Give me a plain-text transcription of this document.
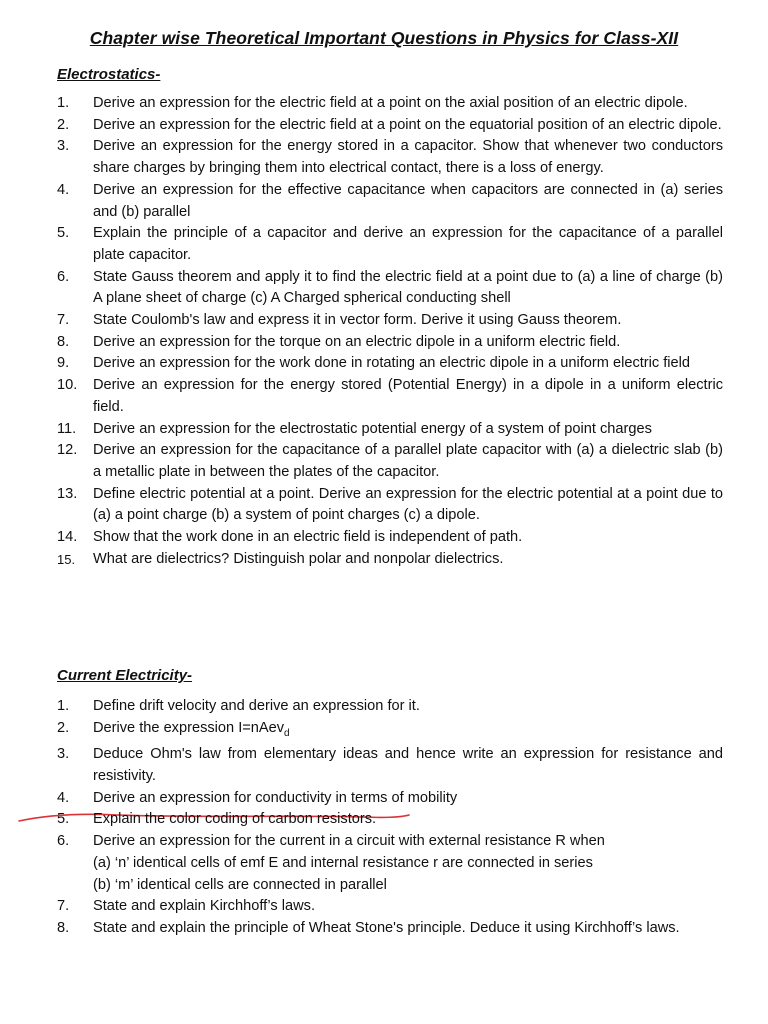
Chapter wise Theoretical Important Questions in Physics for Class-XII
Electrostatics-
1.	Derive an expression for the electric field at a point on the axial position of an electric dipole.
2.	Derive an expression for the electric field at a point on the equatorial position of an electric dipole.
3.	Derive an expression for the energy stored in a capacitor. Show that whenever two conductors share charges by bringing them into electrical contact, there is a loss of energy.
4.	Derive an expression for the effective capacitance when capacitors are connected in (a) series and (b) parallel
5.	Explain the principle of a capacitor and derive an expression for the capacitance of a parallel plate capacitor.
6.	State Gauss theorem and apply it to find the electric field at a point due to (a) a line of charge (b) A plane sheet of charge (c) A Charged spherical conducting shell
7.	State Coulomb's law and express it in vector form. Derive it using Gauss theorem.
8.	Derive an expression for the torque on an electric dipole in a uniform electric field.
9.	Derive an expression for the work done in rotating an electric dipole in a uniform electric field
10.	Derive an expression for the energy stored (Potential Energy) in a dipole in a uniform electric field.
11.	Derive an expression for the electrostatic potential energy of a system of point charges
12.	Derive an expression for the capacitance of a parallel plate capacitor with (a) a dielectric slab (b) a metallic plate in between the plates of the capacitor.
13.	Define electric potential at a point. Derive an expression for the electric potential at a point due to (a) a point charge (b) a system of point charges (c) a dipole.
14.	Show that the work done in an electric field is independent of path.
15.	What are dielectrics? Distinguish polar and nonpolar dielectrics.
Current Electricity-
1.	Define drift velocity and derive an expression for it.
2.	Derive the expression I=nAev$_d$
3.	Deduce Ohm's law from elementary ideas and hence write an expression for resistance and resistivity.
4.	Derive an expression for conductivity in terms of mobility
5.	Explain the color coding of carbon resistors.
6.	Derive an expression for the current in a circuit with external resistance R when
(a) ‘n’ identical cells of emf E and internal resistance r are connected in series
(b) ‘m’ identical cells are connected in parallel
7.	State and explain Kirchhoff’s laws.
8.	State and explain the principle of Wheat Stone's principle. Deduce it using Kirchhoff’s laws.
